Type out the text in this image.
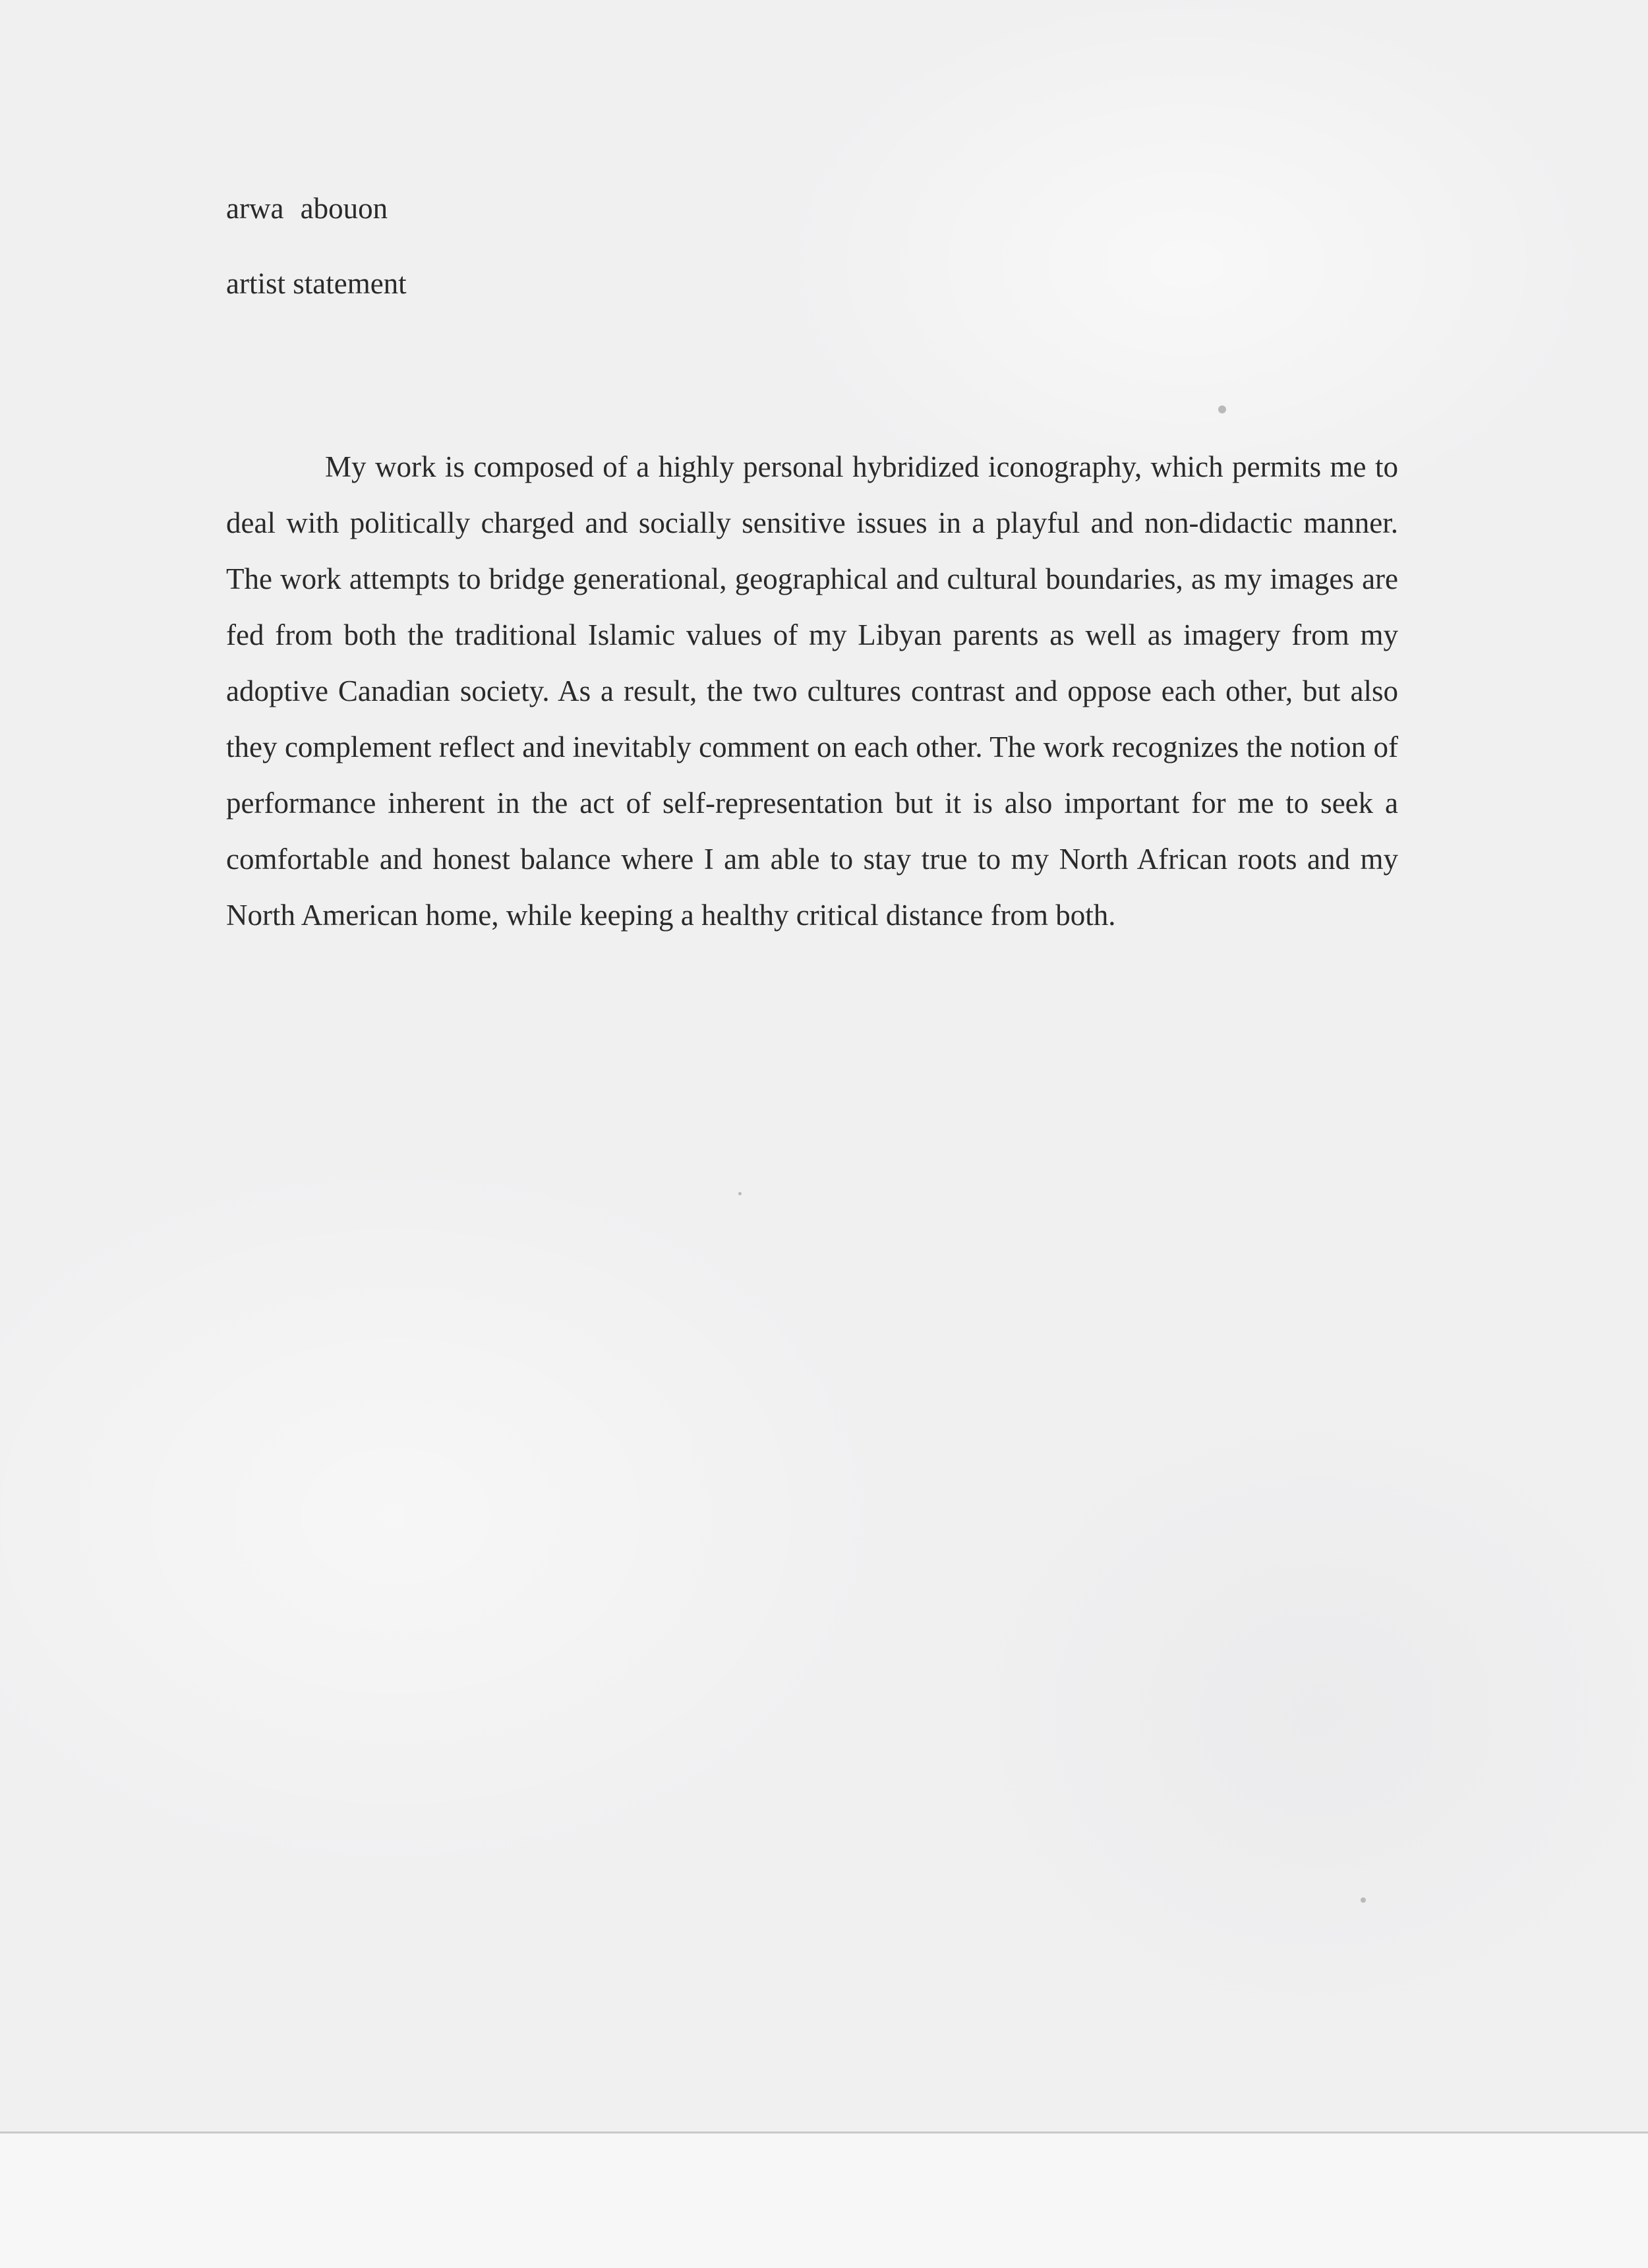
arwa abouon

artist statement

My work is composed of a highly personal hybridized iconography, which permits me to deal with politically charged and socially sensitive issues in a playful and non-didactic manner. The work attempts to bridge generational, geographical and cultural boundaries, as my images are fed from both the traditional Islamic values of my Libyan parents as well as imagery from my adoptive Canadian society. As a result, the two cultures contrast and oppose each other, but also they complement reflect and inevitably comment on each other. The work recognizes the notion of performance inherent in the act of self-representation but it is also important for me to seek a comfortable and honest balance where I am able to stay true to my North African roots and my North American home, while keeping a healthy critical distance from both.
